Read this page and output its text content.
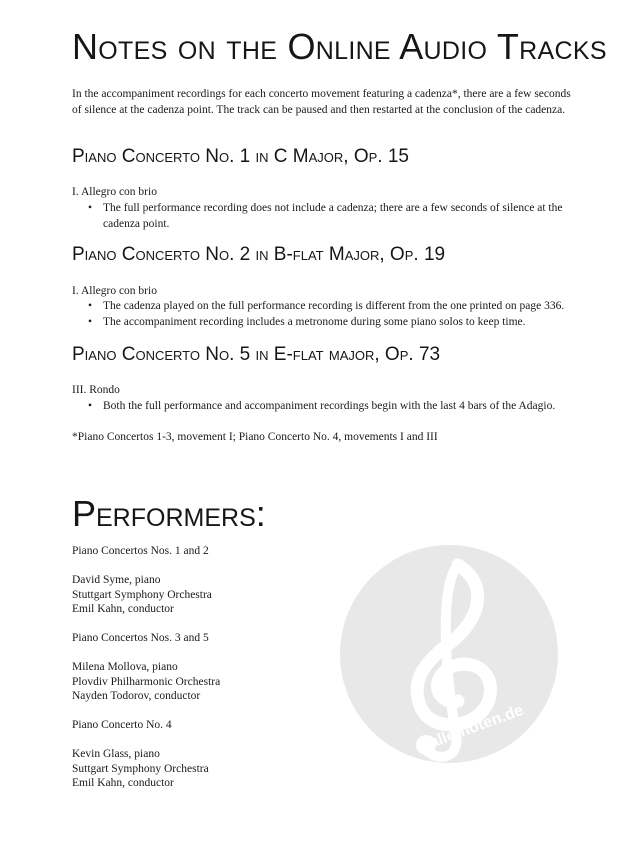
Notes on the Online Audio Tracks

In the accompaniment recordings for each concerto movement featuring a cadenza*, there are a few seconds of silence at the cadenza point. The track can be paused and then restarted at the conclusion of the cadenza.

Piano Concerto No. 1 in C Major, Op. 15

I. Allegro con brio

• The full performance recording does not include a cadenza; there are a few seconds of silence at the cadenza point.
Piano Concerto No. 2 in B-flat Major, Op. 19

I. Allegro con brio

• The cadenza played on the full performance recording is different from the one printed on page 336.
• The accompaniment recording includes a metronome during some piano solos to keep time.
Piano Concerto No. 5 in E-flat major, Op. 73

III. Rondo

• Both the full performance and accompaniment recordings begin with the last 4 bars of the Adagio.

*Piano Concertos 1-3, movement I; Piano Concerto No. 4, movements I and III

Performers:

Piano Concertos Nos. 1 and 2

David Syme, piano
Stuttgart Symphony Orchestra
Emil Kahn, conductor

Piano Concertos Nos. 3 and 5

Milena Mollova, piano
Plovdiv Philharmonic Orchestra
Nayden Todorov, conductor

Piano Concerto No. 4

Kevin Glass, piano
Suttgart Symphony Orchestra
Emil Kahn, conductor
alle-noten.de
